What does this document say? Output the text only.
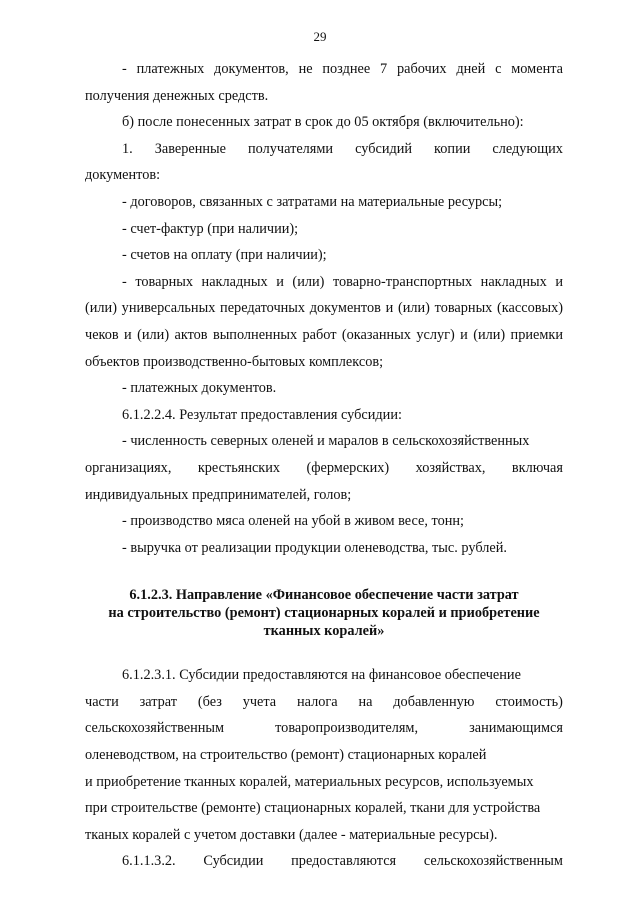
29

- платежных документов, не позднее 7 рабочих дней с момента получения денежных средств.

б) после понесенных затрат в срок до 05 октября (включительно):

1. Заверенные получателями субсидий копии следующих

документов:

- договоров, связанных с затратами на материальные ресурсы;

- счет-фактур (при наличии);

- счетов на оплату (при наличии);

- товарных накладных и (или) товарно-транспортных накладных и (или) универсальных передаточных документов и (или) товарных (кассовых) чеков и (или) актов выполненных работ (оказанных услуг) и (или) приемки объектов производственно-бытовых комплексов;

- платежных документов.

6.1.2.2.4. Результат предоставления субсидии:

- численность северных оленей и маралов в сельскохозяйственных

организациях, крестьянских (фермерских) хозяйствах, включая

индивидуальных предпринимателей, голов;

- производство мяса оленей на убой в живом весе, тонн;

- выручка от реализации продукции оленеводства, тыс. рублей.

6.1.2.3. Направление «Финансовое обеспечение части затрат
на строительство (ремонт) стационарных коралей и приобретение
тканных коралей»

6.1.2.3.1. Субсидии предоставляются на финансовое обеспечение

части затрат (без учета налога на добавленную стоимость)
сельскохозяйственным	товаропроизводителям,	занимающимся

оленеводством, на строительство (ремонт) стационарных коралей

и приобретение тканных коралей, материальных ресурсов, используемых

при строительстве (ремонте) стационарных коралей, ткани для устройства

тканых коралей с учетом доставки (далее - материальные ресурсы).

6.1.1.3.2. Субсидии предоставляются сельскохозяйственным
